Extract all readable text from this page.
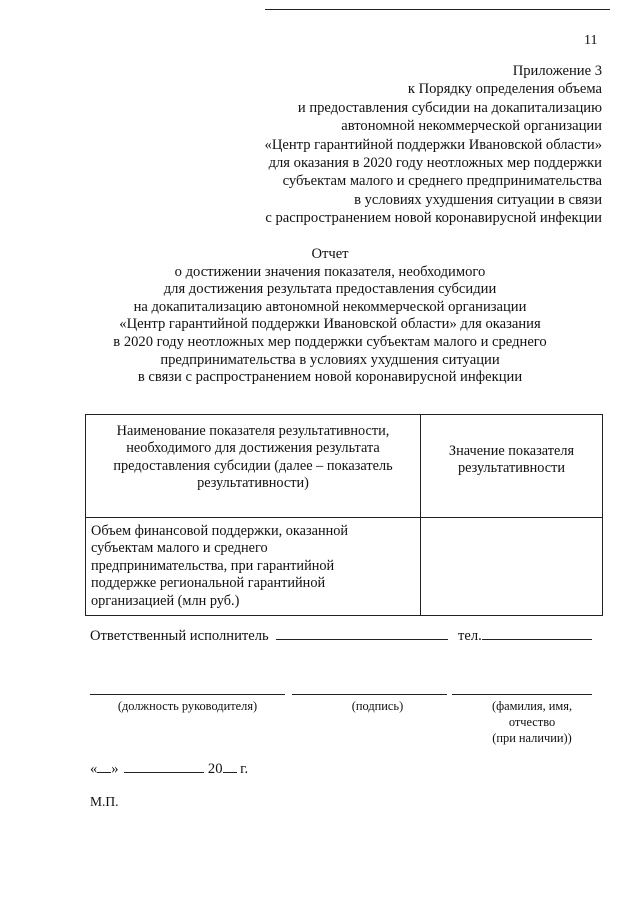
11
Приложение 3
к Порядку определения объема
и предоставления субсидии на докапитализацию
автономной некоммерческой организации
«Центр гарантийной поддержки Ивановской области»
для оказания в 2020 году неотложных мер поддержки
субъектам малого и среднего предпринимательства
в условиях ухудшения ситуации в связи
с распространением новой коронавирусной инфекции
Отчет
о достижении значения показателя, необходимого
для достижения результата предоставления субсидии
на докапитализацию автономной некоммерческой организации
«Центр гарантийной поддержки Ивановской области» для оказания
в 2020 году неотложных мер поддержки субъектам малого и среднего
предпринимательства в условиях ухудшения ситуации
в связи с распространением новой коронавирусной инфекции
Наименование показателя результативности,
необходимого для достижения результата
предоставления субсидии (далее – показатель
результативности)	Значение показателя
результативности

Объем финансовой поддержки, оказанной
субъектам малого и среднего
предпринимательства, при гарантийной
поддержке региональной гарантийной
организацией (млн руб.)	

Ответственный исполнитель	тел.
(должность руководителя)	(подпись)	(фамилия, имя,
отчество
(при наличии))
« »	20 г.
М.П.
